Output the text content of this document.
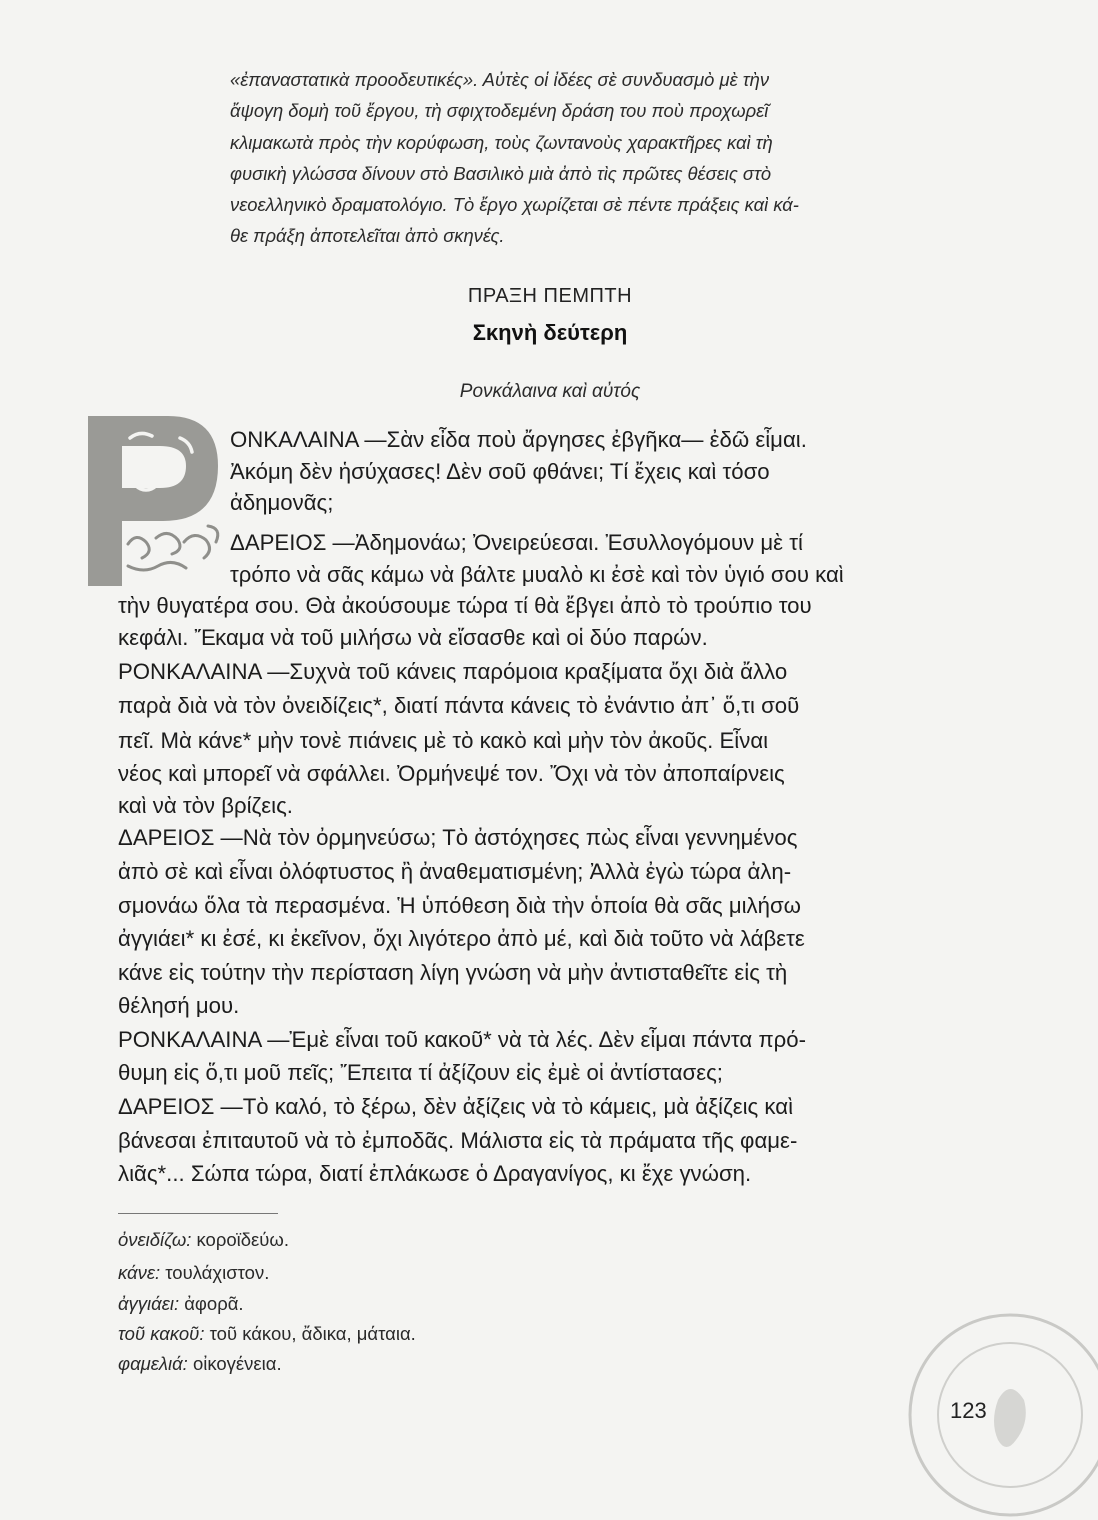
«ἐπαναστατικὰ προοδευτικές». Αὐτὲς οἱ ἰδέες σὲ συνδυασμὸ μὲ τὴν
ἄψογη δομὴ τοῦ ἔργου, τὴ σφιχτοδεμένη δράση του ποὺ προχωρεῖ
κλιμακωτὰ πρὸς τὴν κορύφωση, τοὺς ζωντανοὺς χαρακτῆρες καὶ τὴ
φυσικὴ γλώσσα δίνουν στὸ Βασιλικὸ μιὰ ἀπὸ τὶς πρῶτες θέσεις στὸ
νεοελληνικὸ δραματολόγιο. Τὸ ἔργο χωρίζεται σὲ πέντε πράξεις καὶ κά-
θε πράξη ἀποτελεῖται ἀπὸ σκηνές.
ΠΡΑΞΗ ΠΕΜΠΤΗ
Σκηνὴ δεύτερη
Ρονκάλαινα καὶ αὐτός
ΟΝΚΑΛΑΙΝΑ —Σὰν εἶδα ποὺ ἄργησες ἐβγῆκα— ἐδῶ εἶμαι.
Ἀκόμη δὲν ἡσύχασες! Δὲν σοῦ φθάνει; Τί ἔχεις καὶ τόσο
ἀδημονᾶς;
ΔΑΡΕΙΟΣ —Ἀδημονάω; Ὀνειρεύεσαι. Ἐσυλλογόμουν μὲ τί
τρόπο νὰ σᾶς κάμω νὰ βάλτε μυαλὸ κι ἐσὲ καὶ τὸν ὑγιό σου καὶ
τὴν θυγατέρα σου. Θὰ ἀκούσουμε τώρα τί θὰ ἔβγει ἀπὸ τὸ τρούπιο του
κεφάλι. Ἔκαμα νὰ τοῦ μιλήσω νὰ εἴσασθε καὶ οἱ δύο παρών.
ΡΟΝΚΑΛΑΙΝΑ —Συχνὰ τοῦ κάνεις παρόμοια κραξίματα ὄχι διὰ ἄλλο
παρὰ διὰ νὰ τὸν ὀνειδίζεις*, διατί πάντα κάνεις τὸ ἐνάντιο ἀπ᾽ ὅ,τι σοῦ
πεῖ. Μὰ κάνε* μὴν τονὲ πιάνεις μὲ τὸ κακὸ καὶ μὴν τὸν ἀκοῦς. Εἶναι
νέος καὶ μπορεῖ νὰ σφάλλει. Ὀρμήνεψέ τον. Ὄχι νὰ τὸν ἀποπαίρνεις
καὶ νὰ τὸν βρίζεις.
ΔΑΡΕΙΟΣ —Νὰ τὸν ὀρμηνεύσω; Τὸ ἀστόχησες πὼς εἶναι γεννημένος
ἀπὸ σὲ καὶ εἶναι ὀλόφτυστος ἢ ἀναθεματισμένη; Ἀλλὰ ἐγὼ τώρα ἀλη-
σμονάω ὅλα τὰ περασμένα. Ἡ ὑπόθεση διὰ τὴν ὁποία θὰ σᾶς μιλήσω
ἀγγιάει* κι ἐσέ, κι ἐκεῖνον, ὄχι λιγότερο ἀπὸ μέ, καὶ διὰ τοῦτο νὰ λάβετε
κάνε εἰς τούτην τὴν περίσταση λίγη γνώση νὰ μὴν ἀντισταθεῖτε εἰς τὴ
θέλησή μου.
ΡΟΝΚΑΛΑΙΝΑ —Ἐμὲ εἶναι τοῦ κακοῦ* νὰ τὰ λές. Δὲν εἶμαι πάντα πρό-
θυμη εἰς ὅ,τι μοῦ πεῖς; Ἔπειτα τί ἀξίζουν εἰς ἐμὲ οἱ ἀντίστασες;
ΔΑΡΕΙΟΣ —Τὸ καλό, τὸ ξέρω, δὲν ἀξίζεις νὰ τὸ κάμεις, μὰ ἀξίζεις καὶ
βάνεσαι ἐπιταυτοῦ νὰ τὸ ἐμποδᾶς. Μάλιστα εἰς τὰ πράματα τῆς φαμε-
λιᾶς*... Σώπα τώρα, διατί ἐπλάκωσε ὁ Δραγανίγος, κι ἔχε γνώση.
ὀνειδίζω: κοροϊδεύω.
κάνε: τουλάχιστον.
ἀγγιάει: ἀφορᾶ.
τοῦ κακοῦ: τοῦ κάκου, ἄδικα, μάταια.
φαμελιά: οἰκογένεια.
123
